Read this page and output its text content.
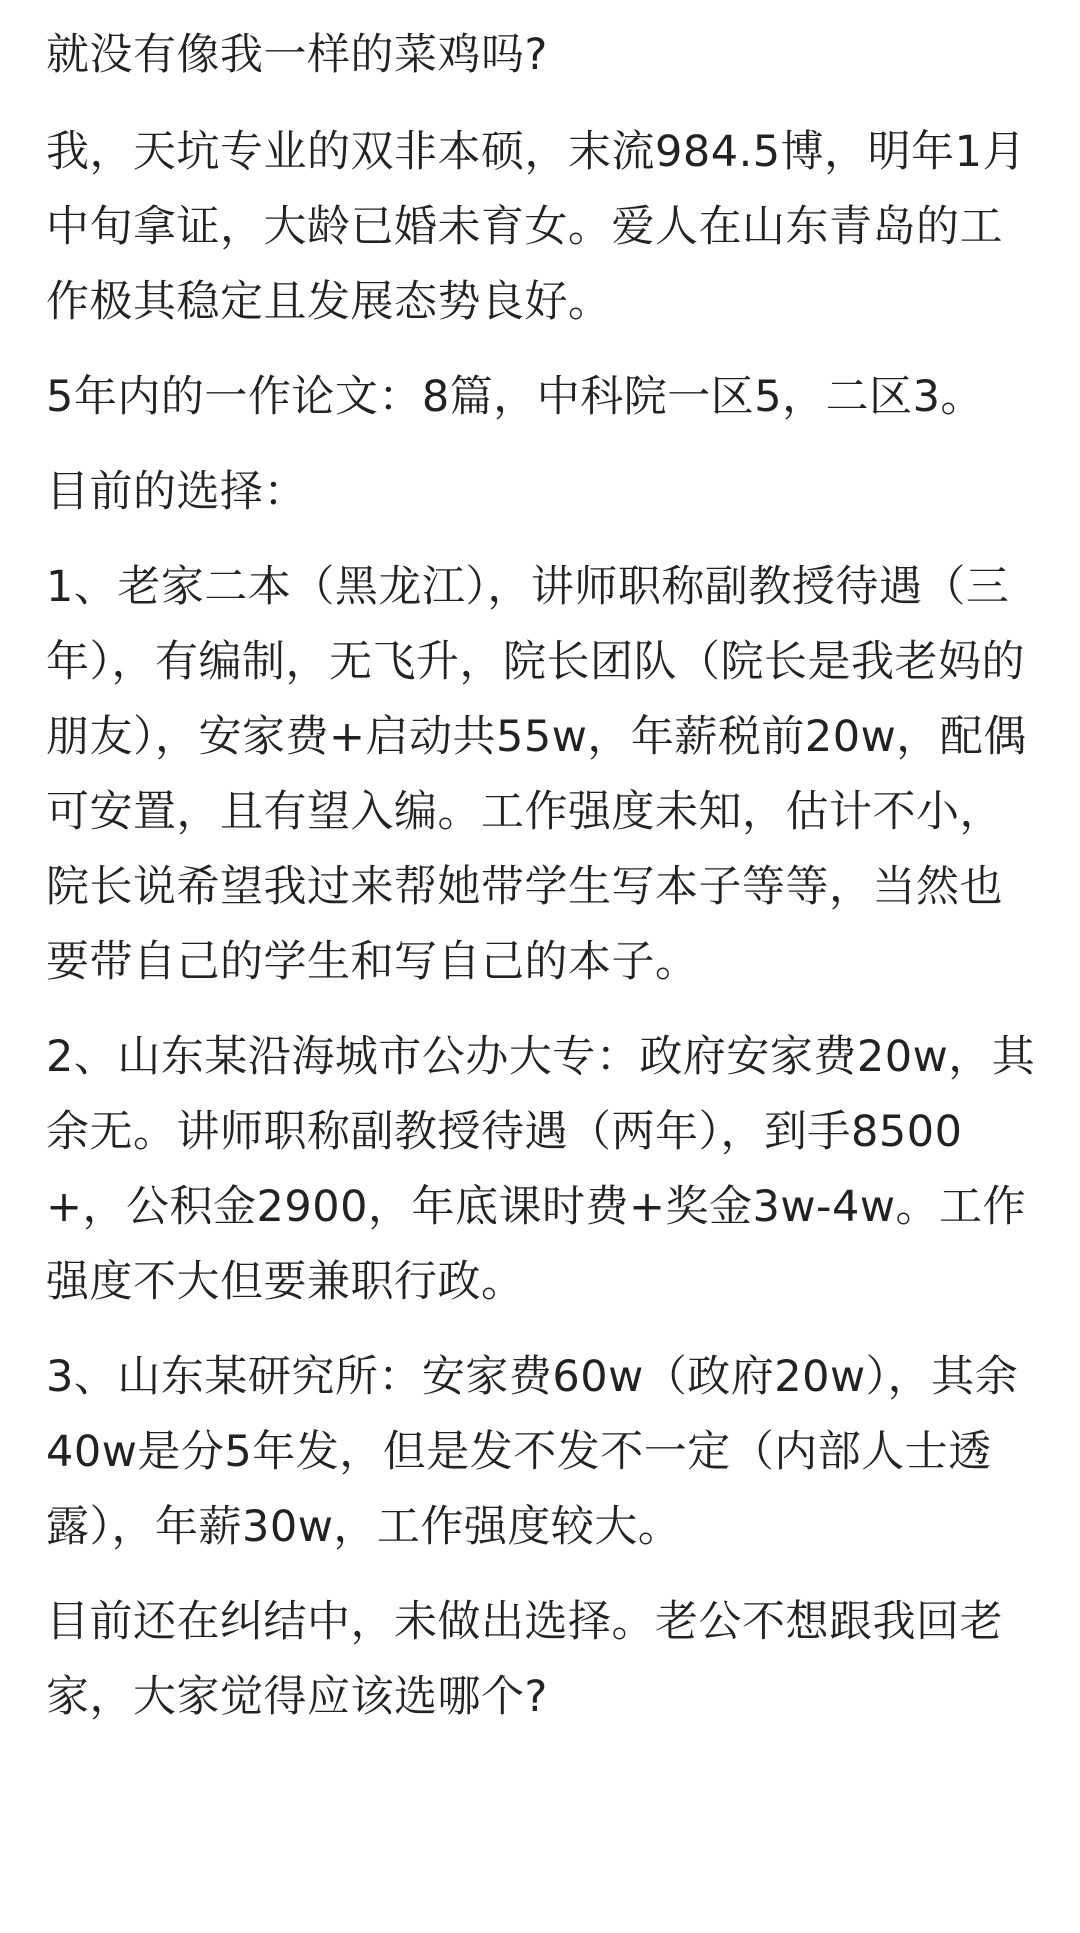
就没有像我一样的菜鸡吗?

我，天坑专业的双非本硕，末流984.5博，明年1月中旬拿证，大龄已婚未育女。爱人在山东青岛的工作极其稳定且发展态势良好。

5年内的一作论文：8篇，中科院一区5，二区3。

目前的选择：

1、老家二本（黑龙江），讲师职称副教授待遇（三年），有编制，无飞升，院长团队（院长是我老妈的朋友），安家费+启动共55w，年薪税前20w，配偶可安置，且有望入编。工作强度未知，估计不小，院长说希望我过来帮她带学生写本子等等，当然也要带自己的学生和写自己的本子。

2、山东某沿海城市公办大专：政府安家费20w，其余无。讲师职称副教授待遇（两年），到手8500+，公积金2900，年底课时费+奖金3w-4w。工作强度不大但要兼职行政。

3、山东某研究所：安家费60w（政府20w），其余40w是分5年发，但是发不发不一定（内部人士透露），年薪30w，工作强度较大。

目前还在纠结中，未做出选择。老公不想跟我回老家，大家觉得应该选哪个?
